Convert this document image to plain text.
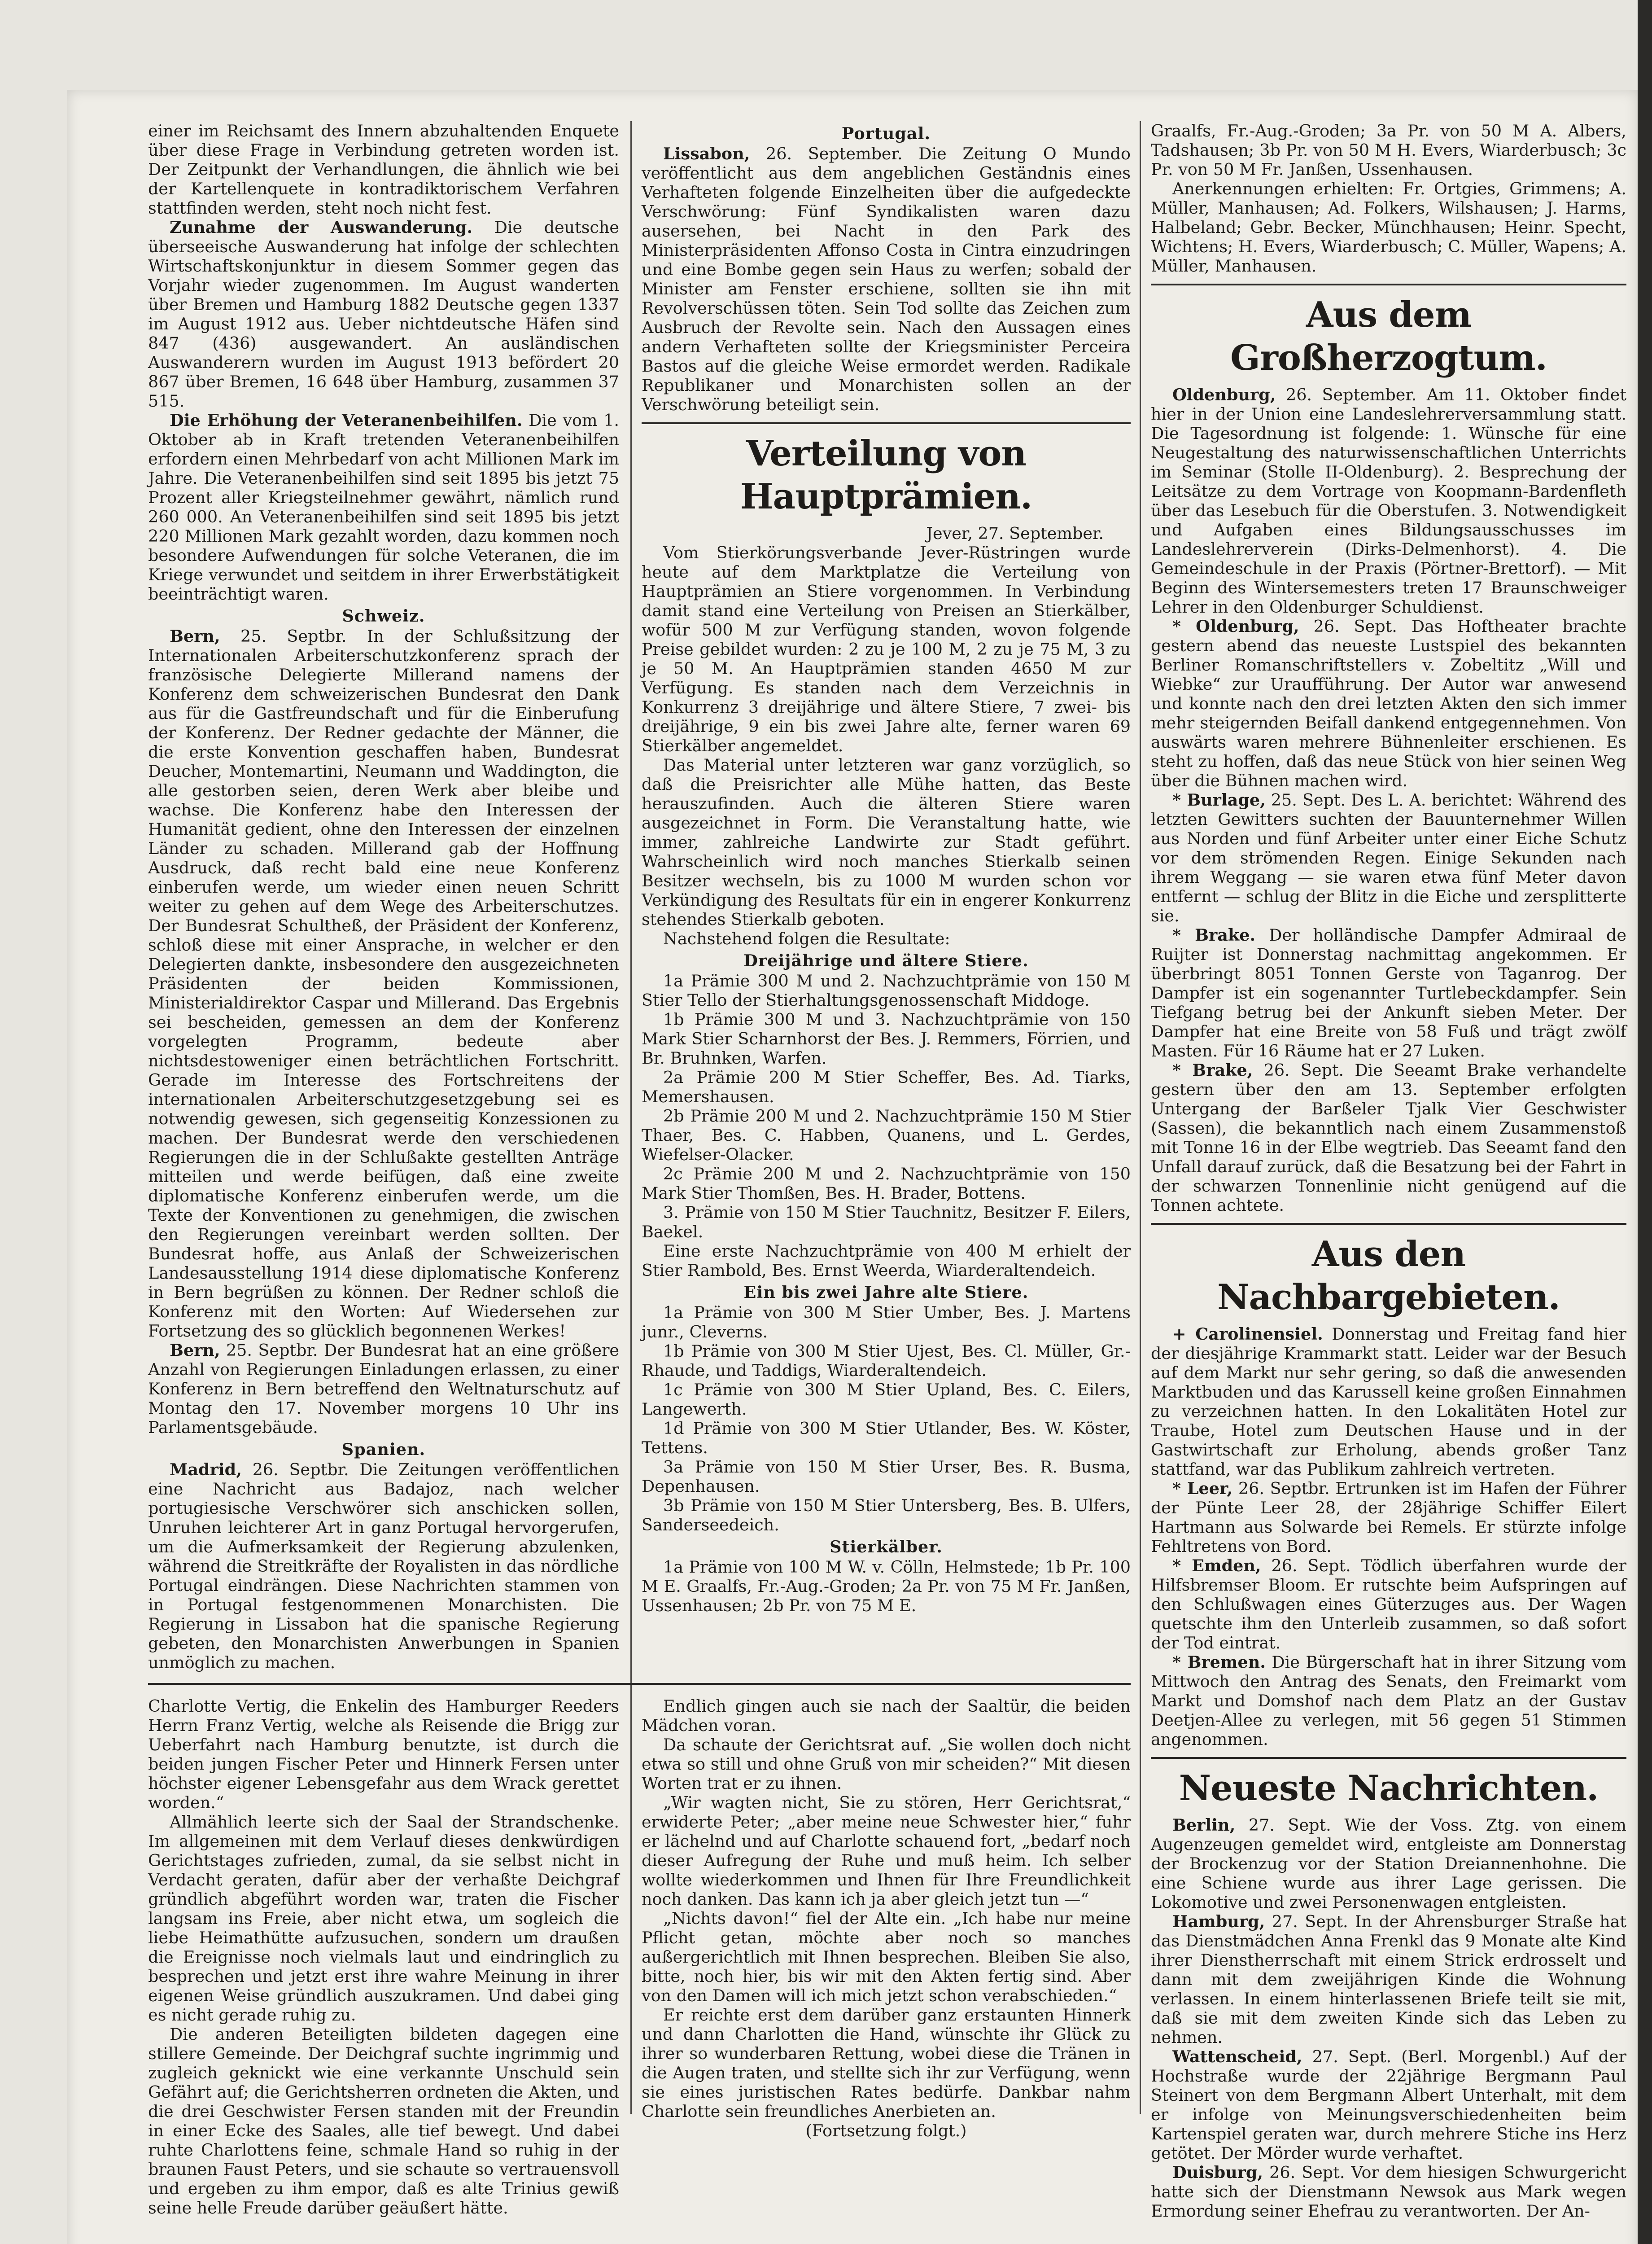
einer im Reichsamt des Innern abzuhaltenden Enquete über diese Frage in Verbindung getreten worden ist. Der Zeitpunkt der Verhandlungen, die ähnlich wie bei der Kartellenquete in kontradiktorischem Verfahren stattfinden werden, steht noch nicht fest.

Zunahme der Auswanderung. Die deutsche überseeische Auswanderung hat infolge der schlechten Wirtschaftskonjunktur in diesem Sommer gegen das Vorjahr wieder zugenommen. Im August wanderten über Bremen und Hamburg 1882 Deutsche gegen 1337 im August 1912 aus. Ueber nichtdeutsche Häfen sind 847 (436) ausgewandert. An ausländischen Auswanderern wurden im August 1913 befördert 20 867 über Bremen, 16 648 über Hamburg, zusammen 37 515.

Die Erhöhung der Veteranenbeihilfen. Die vom 1. Oktober ab in Kraft tretenden Veteranenbeihilfen erfordern einen Mehrbedarf von acht Millionen Mark im Jahre. Die Veteranenbeihilfen sind seit 1895 bis jetzt 75 Prozent aller Kriegsteilnehmer gewährt, nämlich rund 260 000. An Veteranenbeihilfen sind seit 1895 bis jetzt 220 Millionen Mark gezahlt worden, dazu kommen noch besondere Aufwendungen für solche Veteranen, die im Kriege verwundet und seitdem in ihrer Erwerbstätigkeit beeinträchtigt waren.

Schweiz.

Bern, 25. Septbr. In der Schlußsitzung der Internationalen Arbeiterschutzkonferenz sprach der französische Delegierte Millerand namens der Konferenz dem schweizerischen Bundesrat den Dank aus für die Gastfreundschaft und für die Einberufung der Konferenz. Der Redner gedachte der Männer, die die erste Konvention geschaffen haben, Bundesrat Deucher, Montemartini, Neumann und Waddington, die alle gestorben seien, deren Werk aber bleibe und wachse. Die Konferenz habe den Interessen der Humanität gedient, ohne den Interessen der einzelnen Länder zu schaden. Millerand gab der Hoffnung Ausdruck, daß recht bald eine neue Konferenz einberufen werde, um wieder einen neuen Schritt weiter zu gehen auf dem Wege des Arbeiterschutzes. Der Bundesrat Schultheß, der Präsident der Konferenz, schloß diese mit einer Ansprache, in welcher er den Delegierten dankte, insbesondere den ausgezeichneten Präsidenten der beiden Kommissionen, Ministerialdirektor Caspar und Millerand. Das Ergebnis sei bescheiden, gemessen an dem der Konferenz vorgelegten Programm, bedeute aber nichtsdestoweniger einen beträchtlichen Fortschritt. Gerade im Interesse des Fortschreitens der internationalen Arbeiterschutzgesetzgebung sei es notwendig gewesen, sich gegenseitig Konzessionen zu machen. Der Bundesrat werde den verschiedenen Regierungen die in der Schlußakte gestellten Anträge mitteilen und werde beifügen, daß eine zweite diplomatische Konferenz einberufen werde, um die Texte der Konventionen zu genehmigen, die zwischen den Regierungen vereinbart werden sollten. Der Bundesrat hoffe, aus Anlaß der Schweizerischen Landesausstellung 1914 diese diplomatische Konferenz in Bern begrüßen zu können. Der Redner schloß die Konferenz mit den Worten: Auf Wiedersehen zur Fortsetzung des so glücklich begonnenen Werkes!

Bern, 25. Septbr. Der Bundesrat hat an eine größere Anzahl von Regierungen Einladungen erlassen, zu einer Konferenz in Bern betreffend den Weltnaturschutz auf Montag den 17. November morgens 10 Uhr ins Parlamentsgebäude.

Spanien.

Madrid, 26. Septbr. Die Zeitungen veröffentlichen eine Nachricht aus Badajoz, nach welcher portugiesische Verschwörer sich anschicken sollen, Unruhen leichterer Art in ganz Portugal hervorgerufen, um die Aufmerksamkeit der Regierung abzulenken, während die Streitkräfte der Royalisten in das nördliche Portugal eindrängen. Diese Nachrichten stammen von in Portugal festgenommenen Monarchisten. Die Regierung in Lissabon hat die spanische Regierung gebeten, den Monarchisten Anwerbungen in Spanien unmöglich zu machen.

Portugal.

Lissabon, 26. September. Die Zeitung O Mundo veröffentlicht aus dem angeblichen Geständnis eines Verhafteten folgende Einzelheiten über die aufgedeckte Verschwörung: Fünf Syndikalisten waren dazu ausersehen, bei Nacht in den Park des Ministerpräsidenten Affonso Costa in Cintra einzudringen und eine Bombe gegen sein Haus zu werfen; sobald der Minister am Fenster erschiene, sollten sie ihn mit Revolverschüssen töten. Sein Tod sollte das Zeichen zum Ausbruch der Revolte sein. Nach den Aussagen eines andern Verhafteten sollte der Kriegsminister Perceira Bastos auf die gleiche Weise ermordet werden. Radikale Republikaner und Monarchisten sollen an der Verschwörung beteiligt sein.

Verteilung von Hauptprämien.

Jever, 27. September.

Vom Stierkörungsverbande Jever-Rüstringen wurde heute auf dem Marktplatze die Verteilung von Hauptprämien an Stiere vorgenommen. In Verbindung damit stand eine Verteilung von Preisen an Stierkälber, wofür 500 M zur Verfügung standen, wovon folgende Preise gebildet wurden: 2 zu je 100 M, 2 zu je 75 M, 3 zu je 50 M. An Hauptprämien standen 4650 M zur Verfügung. Es standen nach dem Verzeichnis in Konkurrenz 3 dreijährige und ältere Stiere, 7 zwei- bis dreijährige, 9 ein bis zwei Jahre alte, ferner waren 69 Stierkälber angemeldet.

Das Material unter letzteren war ganz vorzüglich, so daß die Preisrichter alle Mühe hatten, das Beste herauszufinden. Auch die älteren Stiere waren ausgezeichnet in Form. Die Veranstaltung hatte, wie immer, zahlreiche Landwirte zur Stadt geführt. Wahrscheinlich wird noch manches Stierkalb seinen Besitzer wechseln, bis zu 1000 M wurden schon vor Verkündigung des Resultats für ein in engerer Konkurrenz stehendes Stierkalb geboten.

Nachstehend folgen die Resultate:

Dreijährige und ältere Stiere.

1a Prämie 300 M und 2. Nachzuchtprämie von 150 M Stier Tello der Stierhaltungsgenossenschaft Middoge.

1b Prämie 300 M und 3. Nachzuchtprämie von 150 Mark Stier Scharnhorst der Bes. J. Remmers, Förrien, und Br. Bruhnken, Warfen.

2a Prämie 200 M Stier Scheffer, Bes. Ad. Tiarks, Memershausen.

2b Prämie 200 M und 2. Nachzuchtprämie 150 M Stier Thaer, Bes. C. Habben, Quanens, und L. Gerdes, Wiefelser-Olacker.

2c Prämie 200 M und 2. Nachzuchtprämie von 150 Mark Stier Thomßen, Bes. H. Brader, Bottens.

3. Prämie von 150 M Stier Tauchnitz, Besitzer F. Eilers, Baekel.

Eine erste Nachzuchtprämie von 400 M erhielt der Stier Rambold, Bes. Ernst Weerda, Wiarderaltendeich.

Ein bis zwei Jahre alte Stiere.

1a Prämie von 300 M Stier Umber, Bes. J. Martens junr., Cleverns.

1b Prämie von 300 M Stier Ujest, Bes. Cl. Müller, Gr.-Rhaude, und Taddigs, Wiarderaltendeich.

1c Prämie von 300 M Stier Upland, Bes. C. Eilers, Langewerth.

1d Prämie von 300 M Stier Utlander, Bes. W. Köster, Tettens.

3a Prämie von 150 M Stier Urser, Bes. R. Busma, Depenhausen.

3b Prämie von 150 M Stier Untersberg, Bes. B. Ulfers, Sanderseedeich.

Stierkälber.

1a Prämie von 100 M W. v. Cölln, Helmstede; 1b Pr. 100 M E. Graalfs, Fr.-Aug.-Groden; 2a Pr. von 75 M Fr. Janßen, Ussenhausen; 2b Pr. von 75 M E.

Graalfs, Fr.-Aug.-Groden; 3a Pr. von 50 M A. Albers, Tadshausen; 3b Pr. von 50 M H. Evers, Wiarderbusch; 3c Pr. von 50 M Fr. Janßen, Ussenhausen.

Anerkennungen erhielten: Fr. Ortgies, Grimmens; A. Müller, Manhausen; Ad. Folkers, Wilshausen; J. Harms, Halbeland; Gebr. Becker, Münchhausen; Heinr. Specht, Wichtens; H. Evers, Wiarderbusch; C. Müller, Wapens; A. Müller, Manhausen.

Aus dem Großherzogtum.

Oldenburg, 26. September. Am 11. Oktober findet hier in der Union eine Landeslehrerversammlung statt. Die Tagesordnung ist folgende: 1. Wünsche für eine Neugestaltung des naturwissenschaftlichen Unterrichts im Seminar (Stolle II-Oldenburg). 2. Besprechung der Leitsätze zu dem Vortrage von Koopmann-Bardenfleth über das Lesebuch für die Oberstufen. 3. Notwendigkeit und Aufgaben eines Bildungsausschusses im Landeslehrerverein (Dirks-Delmenhorst). 4. Die Gemeindeschule in der Praxis (Pörtner-Brettorf). — Mit Beginn des Wintersemesters treten 17 Braunschweiger Lehrer in den Oldenburger Schuldienst.

* Oldenburg, 26. Sept. Das Hoftheater brachte gestern abend das neueste Lustspiel des bekannten Berliner Romanschriftstellers v. Zobeltitz „Will und Wiebke“ zur Uraufführung. Der Autor war anwesend und konnte nach den drei letzten Akten den sich immer mehr steigernden Beifall dankend entgegennehmen. Von auswärts waren mehrere Bühnenleiter erschienen. Es steht zu hoffen, daß das neue Stück von hier seinen Weg über die Bühnen machen wird.

* Burlage, 25. Sept. Des L. A. berichtet: Während des letzten Gewitters suchten der Bauunternehmer Willen aus Norden und fünf Arbeiter unter einer Eiche Schutz vor dem strömenden Regen. Einige Sekunden nach ihrem Weggang — sie waren etwa fünf Meter davon entfernt — schlug der Blitz in die Eiche und zersplitterte sie.

* Brake. Der holländische Dampfer Admiraal de Ruijter ist Donnerstag nachmittag angekommen. Er überbringt 8051 Tonnen Gerste von Taganrog. Der Dampfer ist ein sogenannter Turtlebeckdampfer. Sein Tiefgang betrug bei der Ankunft sieben Meter. Der Dampfer hat eine Breite von 58 Fuß und trägt zwölf Masten. Für 16 Räume hat er 27 Luken.

* Brake, 26. Sept. Die Seeamt Brake verhandelte gestern über den am 13. September erfolgten Untergang der Barßeler Tjalk Vier Geschwister (Sassen), die bekanntlich nach einem Zusammenstoß mit Tonne 16 in der Elbe wegtrieb. Das Seeamt fand den Unfall darauf zurück, daß die Besatzung bei der Fahrt in der schwarzen Tonnenlinie nicht genügend auf die Tonnen achtete.

Aus den Nachbargebieten.

+ Carolinensiel. Donnerstag und Freitag fand hier der diesjährige Krammarkt statt. Leider war der Besuch auf dem Markt nur sehr gering, so daß die anwesenden Marktbuden und das Karussell keine großen Einnahmen zu verzeichnen hatten. In den Lokalitäten Hotel zur Traube, Hotel zum Deutschen Hause und in der Gastwirtschaft zur Erholung, abends großer Tanz stattfand, war das Publikum zahlreich vertreten.

* Leer, 26. Septbr. Ertrunken ist im Hafen der Führer der Pünte Leer 28, der 28jährige Schiffer Eilert Hartmann aus Solwarde bei Remels. Er stürzte infolge Fehltretens von Bord.

* Emden, 26. Sept. Tödlich überfahren wurde der Hilfsbremser Bloom. Er rutschte beim Aufspringen auf den Schlußwagen eines Güterzuges aus. Der Wagen quetschte ihm den Unterleib zusammen, so daß sofort der Tod eintrat.

* Bremen. Die Bürgerschaft hat in ihrer Sitzung vom Mittwoch den Antrag des Senats, den Freimarkt vom Markt und Domshof nach dem Platz an der Gustav Deetjen-Allee zu verlegen, mit 56 gegen 51 Stimmen angenommen.

Neueste Nachrichten.

Berlin, 27. Sept. Wie der Voss. Ztg. von einem Augenzeugen gemeldet wird, entgleiste am Donnerstag der Brockenzug vor der Station Dreiannenhohne. Die eine Schiene wurde aus ihrer Lage gerissen. Die Lokomotive und zwei Personenwagen entgleisten.

Hamburg, 27. Sept. In der Ahrensburger Straße hat das Dienstmädchen Anna Frenkl das 9 Monate alte Kind ihrer Dienstherrschaft mit einem Strick erdrosselt und dann mit dem zweijährigen Kinde die Wohnung verlassen. In einem hinterlassenen Briefe teilt sie mit, daß sie mit dem zweiten Kinde sich das Leben zu nehmen.

Wattenscheid, 27. Sept. (Berl. Morgenbl.) Auf der Hochstraße wurde der 22jährige Bergmann Paul Steinert von dem Bergmann Albert Unterhalt, mit dem er infolge von Meinungsverschiedenheiten beim Kartenspiel geraten war, durch mehrere Stiche ins Herz getötet. Der Mörder wurde verhaftet.

Duisburg, 26. Sept. Vor dem hiesigen Schwurgericht hatte sich der Dienstmann Newsok aus Mark wegen Ermordung seiner Ehefrau zu verantworten. Der An-

Charlotte Vertig, die Enkelin des Hamburger Reeders Herrn Franz Vertig, welche als Reisende die Brigg zur Ueberfahrt nach Hamburg benutzte, ist durch die beiden jungen Fischer Peter und Hinnerk Fersen unter höchster eigener Lebensgefahr aus dem Wrack gerettet worden.“

Allmählich leerte sich der Saal der Strandschenke. Im allgemeinen mit dem Verlauf dieses denkwürdigen Gerichtstages zufrieden, zumal, da sie selbst nicht in Verdacht geraten, dafür aber der verhaßte Deichgraf gründlich abgeführt worden war, traten die Fischer langsam ins Freie, aber nicht etwa, um sogleich die liebe Heimathütte aufzusuchen, sondern um draußen die Ereignisse noch vielmals laut und eindringlich zu besprechen und jetzt erst ihre wahre Meinung in ihrer eigenen Weise gründlich auszukramen. Und dabei ging es nicht gerade ruhig zu.

Die anderen Beteiligten bildeten dagegen eine stillere Gemeinde. Der Deichgraf suchte ingrimmig und zugleich geknickt wie eine verkannte Unschuld sein Gefährt auf; die Gerichtsherren ordneten die Akten, und die drei Geschwister Fersen standen mit der Freundin in einer Ecke des Saales, alle tief bewegt. Und dabei ruhte Charlottens feine, schmale Hand so ruhig in der braunen Faust Peters, und sie schaute so vertrauensvoll und ergeben zu ihm empor, daß es alte Trinius gewiß seine helle Freude darüber geäußert hätte.

Endlich gingen auch sie nach der Saaltür, die beiden Mädchen voran.

Da schaute der Gerichtsrat auf. „Sie wollen doch nicht etwa so still und ohne Gruß von mir scheiden?“ Mit diesen Worten trat er zu ihnen.

„Wir wagten nicht, Sie zu stören, Herr Gerichtsrat,“ erwiderte Peter; „aber meine neue Schwester hier,“ fuhr er lächelnd und auf Charlotte schauend fort, „bedarf noch dieser Aufregung der Ruhe und muß heim. Ich selber wollte wiederkommen und Ihnen für Ihre Freundlichkeit noch danken. Das kann ich ja aber gleich jetzt tun —“

„Nichts davon!“ fiel der Alte ein. „Ich habe nur meine Pflicht getan, möchte aber noch so manches außergerichtlich mit Ihnen besprechen. Bleiben Sie also, bitte, noch hier, bis wir mit den Akten fertig sind. Aber von den Damen will ich mich jetzt schon verabschieden.“

Er reichte erst dem darüber ganz erstaunten Hinnerk und dann Charlotten die Hand, wünschte ihr Glück zu ihrer so wunderbaren Rettung, wobei diese die Tränen in die Augen traten, und stellte sich ihr zur Verfügung, wenn sie eines juristischen Rates bedürfe. Dankbar nahm Charlotte sein freundliches Anerbieten an.

(Fortsetzung folgt.)
